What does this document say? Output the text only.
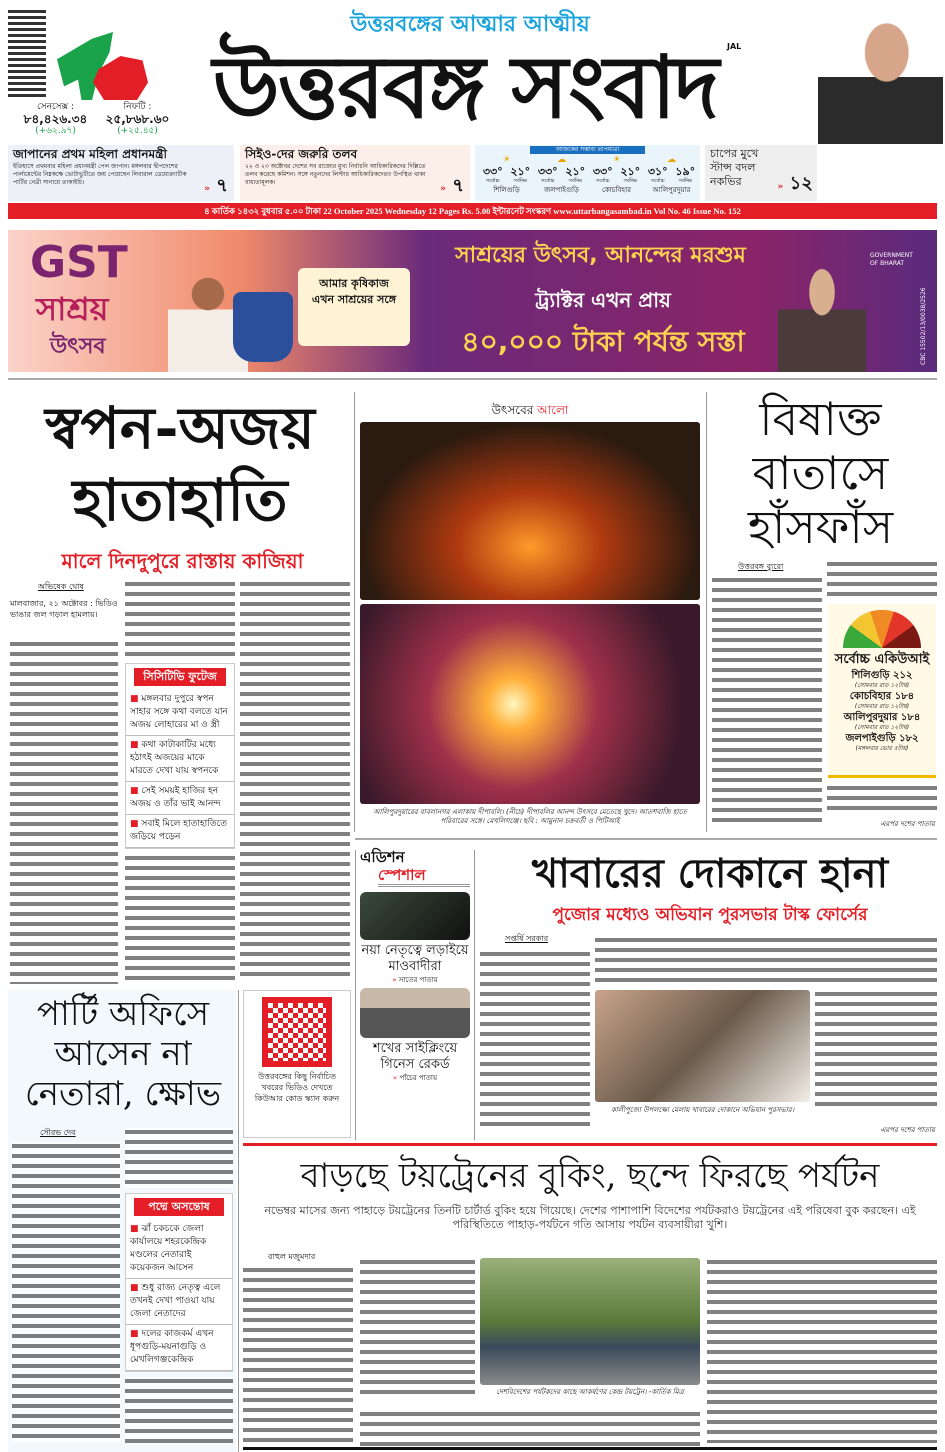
সেনসেক্স :
৮৪,৪২৬.৩৪
(+৬২.৯৭)
নিফটি :
২৫,৮৬৮.৬০
(+২৫.৪৫)
উত্তরবঙ্গের আত্মার আত্মীয়
উত্তরবঙ্গ সংবাদ	JAL
জাপানের প্রথম মহিলা প্রধানমন্ত্রী
ইতিহাসে প্রথমবার মহিলা প্রধানমন্ত্রী পেল জাপান। মঙ্গলবার দ্বীপদেশের পার্লামেন্টের নিম্নকক্ষে ভোটাভুটিতে জয় পেয়েছেন লিবারাল ডেমোক্র্যাটিক পার্টির নেত্রী সানায়ে তাকাইচি।
» ৭
সিইও-দের জরুরি তলব
২২ ও ২৩ অক্টোবর দেশের সব রাজ্যের মুখ্য নির্বাচনি আধিকারিকদের দিল্লিতে তলব করেছে কমিশন। সঙ্গে নতুনদের লিস্টার আধিকারিকদেরও উপস্থিত থাকা বাধ্যতামূলক।
» ৭
আজকের সম্ভাব্য তাপমাত্রা
☀
৩৩° ২১°
সর্বোচ্চ	সর্বনিম্ন
শিলিগুড়ি
☁
৩৩° ২১°
সর্বোচ্চ	সর্বনিম্ন
জলপাইগুড়ি
☀
৩৩° ২১°
সর্বোচ্চ	সর্বনিম্ন
কোচবিহার
☁
৩১° ১৯°
সর্বোচ্চ	সর্বনিম্ন
আলিপুরদুয়ার
চাপের মুখে স্টান্স বদল নকভির	» ১২
৪ কার্তিক ১৪৩২ বুধবার ৫.০০ টাকা 22 October 2025 Wednesday 12 Pages Rs. 5.00 ইন্টারনেট সংস্করণ www.uttarbangasambad.in Vol No. 46 Issue No. 152
GST
সাশ্রয়
উৎসব
আমার কৃষিকাজ এখন সাশ্রয়ের সঙ্গে
সাশ্রয়ের উৎসব, আনন্দের মরশুম
ট্র্যাক্টর এখন প্রায়
৪০,০০০ টাকা পর্যন্ত সস্তা
GOVERNMENT OF BHARAT
CBC 15502/13/0038/2526
স্বপন-অজয় হাতাহাতি
মালে দিনদুপুরে রাস্তায় কাজিয়া
অভিষেক ঘোষ
মালবাজার, ২১ অক্টোবর : ভিডিও ভাঙার জল গড়াল হামলায়।
সিসিটিভি ফুটেজ
■ মঙ্গলবার দুপুরে স্বপন সাহার সঙ্গে কথা বলতে যান অজয় লোহারের মা ও স্ত্রী
■ কথা কাটাকাটির মধ্যে হঠাৎই অজয়ের মাকে মারতে দেখা যায় স্বপনকে
■ সেই সময়ই হাজির হন অজয় ও তাঁর ভাই আনন্দ
■ সবাই মিলে হাতাহাতিতে জড়িয়ে পড়েন
উৎসবের আলো
আলিপুরদুয়ারের বাবলানগর এলাকায় দীপাবলি। (নীচে) দীপাবলির আনন্দ উৎসবে মেতেছে খুদে। আতশবাজি হাতে পরিবারের সঙ্গে। মেখলিগঞ্জে। ছবি : আমুনান চক্রবর্তী ও পিটিআই
বিষাক্ত বাতাসে হাঁসফাঁস
উত্তরবঙ্গ ব্যুরো
সর্বোচ্চ একিউআই
শিলিগুড়ি ২১২
(সোমবার রাত ১২টায়)
কোচবিহার ১৮৪
(সোমবার রাত ১২টায়)
আলিপুরদুয়ার ১৮৪
(সোমবার রাত ১২টায়)
জলপাইগুড়ি ১৮২
(মঙ্গলবার ভোর ৫টায়)
এরপর দশের পাতায়
এডিশন
স্পেশাল
নয়া নেতৃত্বে লড়াইয়ে মাওবাদীরা
» সাতের পাতায়
শখের সাইক্লিংয়ে গিনেস রেকর্ড
» পাঁচের পাতায়
উত্তরবঙ্গের কিছু নির্বাচিত খবরের ভিডিও দেখতে কিউআর কোড স্ক্যান করুন
খাবারের দোকানে হানা
পুজোর মধ্যেও অভিযান পুরসভার টাস্ক ফোর্সের
সপ্তর্ষি সরকার
কালীপুজো উপলক্ষ্যে মেলায় খাবারের দোকানে অভিযান পুরসভার।
এরপর দশের পাতায়
পার্টি অফিসে আসেন না নেতারা, ক্ষোভ
সৌরভ দেব
পদ্মে অসন্তোষ
■ ঝাঁ চকচকে জেলা কার্যালয়ে শহরকেন্দ্রিক মণ্ডলের নেতারাই কয়েকজন আসেন
■ শুধু রাজ্য নেতৃত্ব এলে তখনই দেখা পাওয়া যায় জেলা নেতাদের
■ দলের কাজকর্ম এখন ধূপগুড়ি-ময়নাগুড়ি ও মেখলিগঞ্জকেন্দ্রিক
বাড়ছে টয়ট্রেনের বুকিং, ছন্দে ফিরছে পর্যটন
নভেম্বর মাসের জন্য পাহাড়ে টয়ট্রেনের তিনটি চার্টার্ড বুকিং হয়ে গিয়েছে। দেশের পাশাপাশি বিদেশের পর্যটকরাও টয়ট্রেনের এই পরিষেবা বুক করছেন। এই পরিস্থিতিতে পাহাড়-পর্যটনে গতি আসায় পর্যটন ব্যবসায়ীরা খুশি।
রাহুল মজুমদার
দেশবিদেশের পর্যটকদের কাছে আকর্ষণের কেন্দ্র টয়ট্রেন। -কার্তিক মিত্র
